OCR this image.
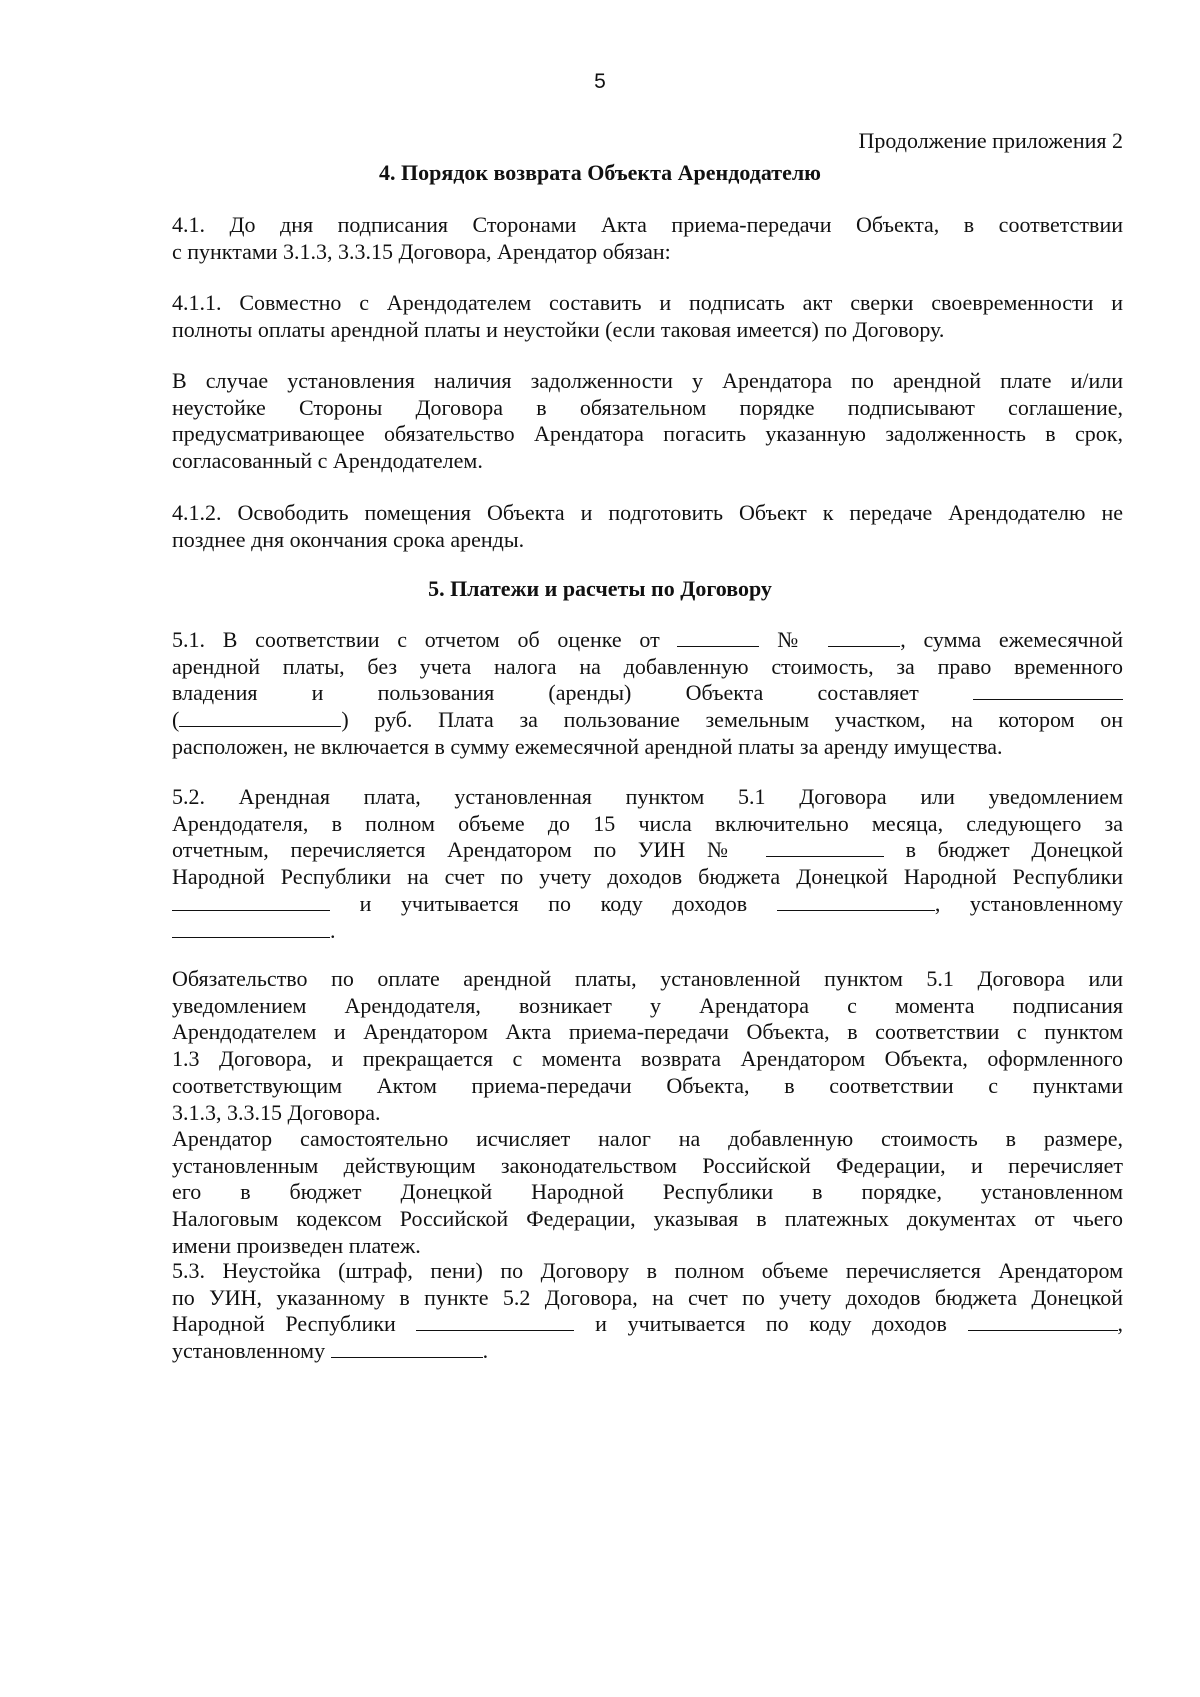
5
Продолжение приложения 2
4. Порядок возврата Объекта Арендодателю
4.1. До дня подписания Сторонами Акта приема-передачи Объекта, в соответствии
с пунктами 3.1.3, 3.3.15 Договора, Арендатор обязан:
4.1.1. Совместно с Арендодателем составить и подписать акт сверки своевременности и
полноты оплаты арендной платы и неустойки (если таковая имеется) по Договору.
В случае установления наличия задолженности у Арендатора по арендной плате и/или
неустойке Стороны Договора в обязательном порядке подписывают соглашение,
предусматривающее обязательство Арендатора погасить указанную задолженность в срок,
согласованный с Арендодателем.
4.1.2. Освободить помещения Объекта и подготовить Объект к передаче Арендодателю не
позднее дня окончания срока аренды.
5. Платежи и расчеты по Договору
5.1. В соответствии с отчетом об оценке от	№	, сумма ежемесячной
арендной платы, без учета налога на добавленную стоимость, за право временного
владения и пользования (аренды) Объекта составляет
(	) руб. Плата за пользование земельным участком, на котором он
расположен, не включается в сумму ежемесячной арендной платы за аренду имущества.
5.2. Арендная плата, установленная пунктом 5.1 Договора или уведомлением
Арендодателя, в полном объеме до 15 числа включительно месяца, следующего за
отчетным, перечисляется Арендатором по УИН №	в бюджет Донецкой
Народной Республики на счет по учету доходов бюджета Донецкой Народной Республики
и учитывается по коду доходов	, установленному
.
Обязательство по оплате арендной платы, установленной пунктом 5.1 Договора или
уведомлением Арендодателя, возникает у Арендатора с момента подписания
Арендодателем и Арендатором Акта приема-передачи Объекта, в соответствии с пунктом
1.3 Договора, и прекращается с момента возврата Арендатором Объекта, оформленного
соответствующим Актом приема-передачи Объекта, в соответствии с пунктами
3.1.3, 3.3.15 Договора.
Арендатор самостоятельно исчисляет налог на добавленную стоимость в размере,
установленным действующим законодательством Российской Федерации, и перечисляет
его в бюджет Донецкой Народной Республики в порядке, установленном
Налоговым кодексом Российской Федерации, указывая в платежных документах от чьего
имени произведен платеж.
5.3. Неустойка (штраф, пени) по Договору в полном объеме перечисляется Арендатором
по УИН, указанному в пункте 5.2 Договора, на счет по учету доходов бюджета Донецкой
Народной Республики	и учитывается по коду доходов	,
установленному	.
